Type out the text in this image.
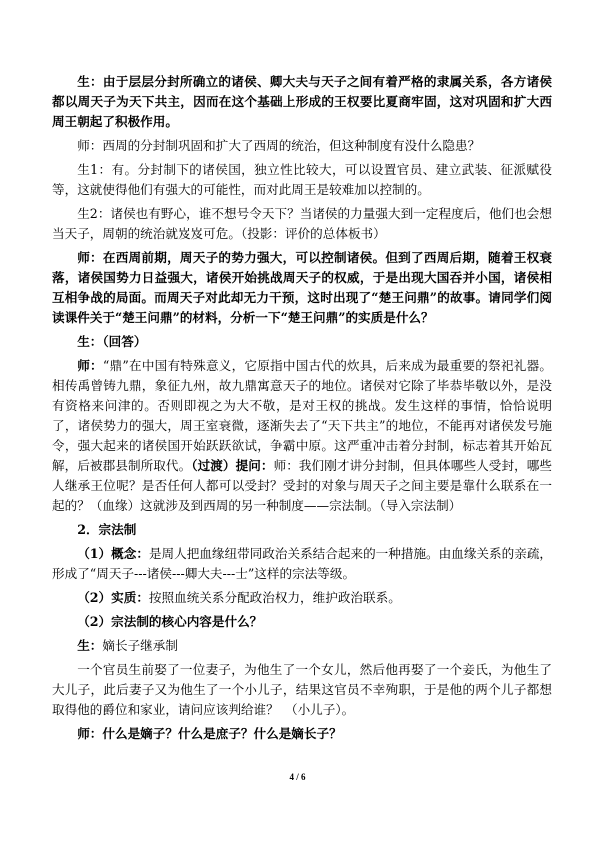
生：由于层层分封所确立的诸侯、卿大夫与天子之间有着严格的隶属关系，各方诸侯都以周天子为天下共主，因而在这个基础上形成的王权要比夏商牢固，这对巩固和扩大西周王朝起了积极作用。

师：西周的分封制巩固和扩大了西周的统治，但这种制度有没什么隐患？

生1：有。分封制下的诸侯国，独立性比较大，可以设置官员、建立武装、征派赋役等，这就使得他们有强大的可能性，而对此周王是较难加以控制的。

生2：诸侯也有野心，谁不想号令天下？当诸侯的力量强大到一定程度后，他们也会想当天子，周朝的统治就岌岌可危。（投影：评价的总体板书）

师：在西周前期，周天子的势力强大，可以控制诸侯。但到了西周后期，随着王权衰落，诸侯国势力日益强大，诸侯开始挑战周天子的权威，于是出现大国吞并小国，诸侯相互相争战的局面。而周天子对此却无力干预，这时出现了“楚王问鼎”的故事。请同学们阅读课件关于“楚王问鼎”的材料，分析一下“楚王问鼎”的实质是什么？

生：（回答）

师：“鼎”在中国有特殊意义，它原指中国古代的炊具，后来成为最重要的祭祀礼器。相传禹曾铸九鼎，象征九州，故九鼎寓意天子的地位。诸侯对它除了毕恭毕敬以外，是没有资格来问津的。否则即视之为大不敬，是对王权的挑战。发生这样的事情，恰恰说明了，诸侯势力的强大，周王室衰微，逐渐失去了“天下共主”的地位，不能再对诸侯发号施令，强大起来的诸侯国开始跃跃欲试，争霸中原。这严重冲击着分封制，标志着其开始瓦解，后被郡县制所取代。（过渡）提问：师：我们刚才讲分封制，但具体哪些人受封，哪些人继承王位呢？是否任何人都可以受封？受封的对象与周天子之间主要是靠什么联系在一起的？（血缘）这就涉及到西周的另一种制度——宗法制。（导入宗法制）

2．宗法制

（1）概念：是周人把血缘纽带同政治关系结合起来的一种措施。由血缘关系的亲疏，形成了“周天子---诸侯---卿大夫---士”这样的宗法等级。

（2）实质：按照血统关系分配政治权力，维护政治联系。

（2）宗法制的核心内容是什么？

生：嫡长子继承制

一个官员生前娶了一位妻子，为他生了一个女儿，然后他再娶了一个妾氏，为他生了大儿子，此后妻子又为他生了一个小儿子，结果这官员不幸殉职，于是他的两个儿子都想取得他的爵位和家业，请问应该判给谁？　（小儿子）。

师：什么是嫡子？什么是庶子？什么是嫡长子？

4 / 6
